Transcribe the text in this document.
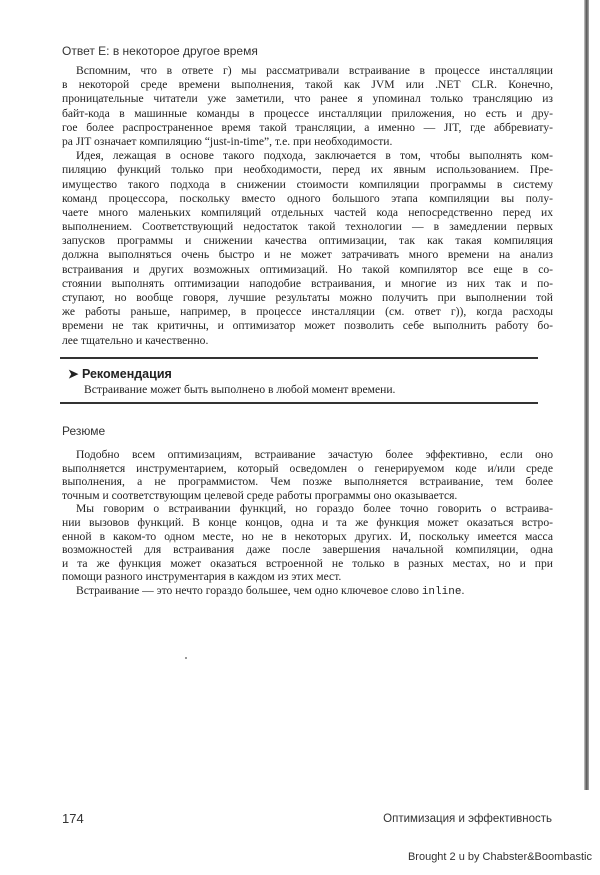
Ответ Е: в некоторое другое время
Вспомним, что в ответе г) мы рассматривали встраивание в процессе инсталляции
в некоторой среде времени выполнения, такой как JVM или .NET CLR. Конечно,
проницательные читатели уже заметили, что ранее я упоминал только трансляцию из
байт-кода в машинные команды в процессе инсталляции приложения, но есть и дру-
гое более распространенное время такой трансляции, а именно — JIT, где аббревиату-
ра JIT означает компиляцию “just-in-time”, т.е. при необходимости.
Идея, лежащая в основе такого подхода, заключается в том, чтобы выполнять ком-
пиляцию функций только при необходимости, перед их явным использованием. Пре-
имущество такого подхода в снижении стоимости компиляции программы в систему
команд процессора, поскольку вместо одного большого этапа компиляции вы полу-
чаете много маленьких компиляций отдельных частей кода непосредственно перед их
выполнением. Соответствующий недостаток такой технологии — в замедлении первых
запусков программы и снижении качества оптимизации, так как такая компиляция
должна выполняться очень быстро и не может затрачивать много времени на анализ
встраивания и других возможных оптимизаций. Но такой компилятор все еще в со-
стоянии выполнять оптимизации наподобие встраивания, и многие из них так и по-
ступают, но вообще говоря, лучшие результаты можно получить при выполнении той
же работы раньше, например, в процессе инсталляции (см. ответ г)), когда расходы
времени не так критичны, и оптимизатор может позволить себе выполнить работу бо-
лее тщательно и качественно.
➤ Рекомендация
Встраивание может быть выполнено в любой момент времени.
Резюме
Подобно всем оптимизациям, встраивание зачастую более эффективно, если оно
выполняется инструментарием, который осведомлен о генерируемом коде и/или среде
выполнения, а не программистом. Чем позже выполняется встраивание, тем более
точным и соответствующим целевой среде работы программы оно оказывается.
Мы говорим о встраивании функций, но гораздо более точно говорить о встраива-
нии вызовов функций. В конце концов, одна и та же функция может оказаться встро-
енной в каком-то одном месте, но не в некоторых других. И, поскольку имеется масса
возможностей для встраивания даже после завершения начальной компиляции, одна
и та же функция может оказаться встроенной не только в разных местах, но и при
помощи разного инструментария в каждом из этих мест.
Встраивание — это нечто гораздо большее, чем одно ключевое слово inline.
174	Оптимизация и эффективность
Brought 2 u by Chabster&Boombastic
